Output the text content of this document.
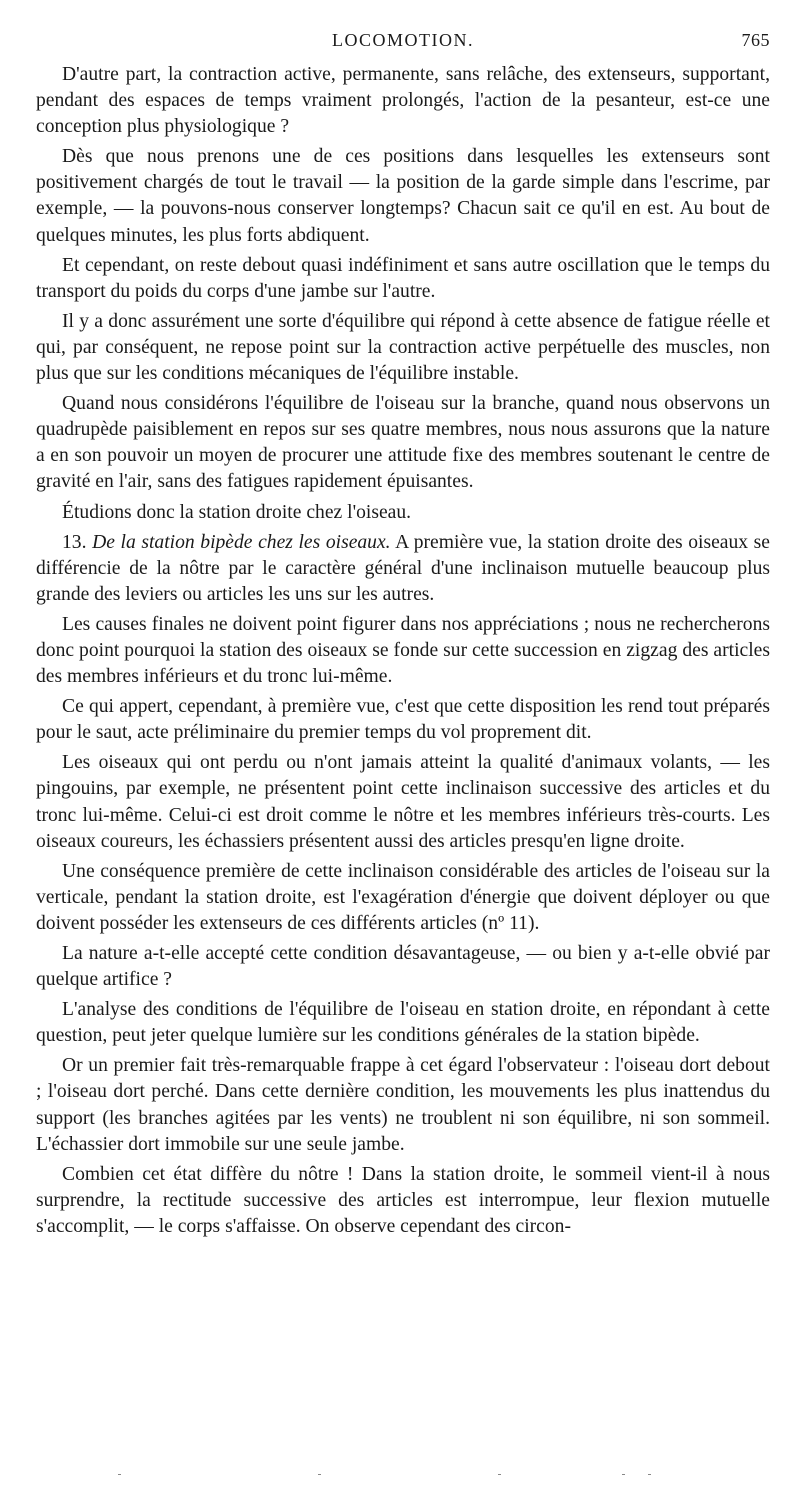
LOCOMOTION.	765

D'autre part, la contraction active, permanente, sans relâche, des extenseurs, supportant, pendant des espaces de temps vraiment prolongés, l'action de la pesanteur, est-ce une conception plus physiologique ?

Dès que nous prenons une de ces positions dans lesquelles les extenseurs sont positivement chargés de tout le travail — la position de la garde simple dans l'escrime, par exemple, — la pouvons-nous conserver longtemps? Chacun sait ce qu'il en est. Au bout de quelques minutes, les plus forts abdiquent.

Et cependant, on reste debout quasi indéfiniment et sans autre oscillation que le temps du transport du poids du corps d'une jambe sur l'autre.

Il y a donc assurément une sorte d'équilibre qui répond à cette absence de fatigue réelle et qui, par conséquent, ne repose point sur la contraction active perpétuelle des muscles, non plus que sur les conditions mécaniques de l'équilibre instable.

Quand nous considérons l'équilibre de l'oiseau sur la branche, quand nous observons un quadrupède paisiblement en repos sur ses quatre membres, nous nous assurons que la nature a en son pouvoir un moyen de procurer une attitude fixe des membres soutenant le centre de gravité en l'air, sans des fatigues rapidement épuisantes.

Étudions donc la station droite chez l'oiseau.

13. De la station bipède chez les oiseaux. A première vue, la station droite des oiseaux se différencie de la nôtre par le caractère général d'une inclinaison mutuelle beaucoup plus grande des leviers ou articles les uns sur les autres.

Les causes finales ne doivent point figurer dans nos appréciations ; nous ne rechercherons donc point pourquoi la station des oiseaux se fonde sur cette succession en zigzag des articles des membres inférieurs et du tronc lui-même.

Ce qui appert, cependant, à première vue, c'est que cette disposition les rend tout préparés pour le saut, acte préliminaire du premier temps du vol proprement dit.

Les oiseaux qui ont perdu ou n'ont jamais atteint la qualité d'animaux volants, — les pingouins, par exemple, ne présentent point cette inclinaison successive des articles et du tronc lui-même. Celui-ci est droit comme le nôtre et les membres inférieurs très-courts. Les oiseaux coureurs, les échassiers présentent aussi des articles presqu'en ligne droite.

Une conséquence première de cette inclinaison considérable des articles de l'oiseau sur la verticale, pendant la station droite, est l'exagération d'énergie que doivent déployer ou que doivent posséder les extenseurs de ces différents articles (nº 11).

La nature a-t-elle accepté cette condition désavantageuse, — ou bien y a-t-elle obvié par quelque artifice ?

L'analyse des conditions de l'équilibre de l'oiseau en station droite, en répondant à cette question, peut jeter quelque lumière sur les conditions générales de la station bipède.

Or un premier fait très-remarquable frappe à cet égard l'observateur : l'oiseau dort debout ; l'oiseau dort perché. Dans cette dernière condition, les mouvements les plus inattendus du support (les branches agitées par les vents) ne troublent ni son équilibre, ni son sommeil. L'échassier dort immobile sur une seule jambe.

Combien cet état diffère du nôtre ! Dans la station droite, le sommeil vient-il à nous surprendre, la rectitude successive des articles est interrompue, leur flexion mutuelle s'accomplit, — le corps s'affaisse. On observe cependant des circon-
